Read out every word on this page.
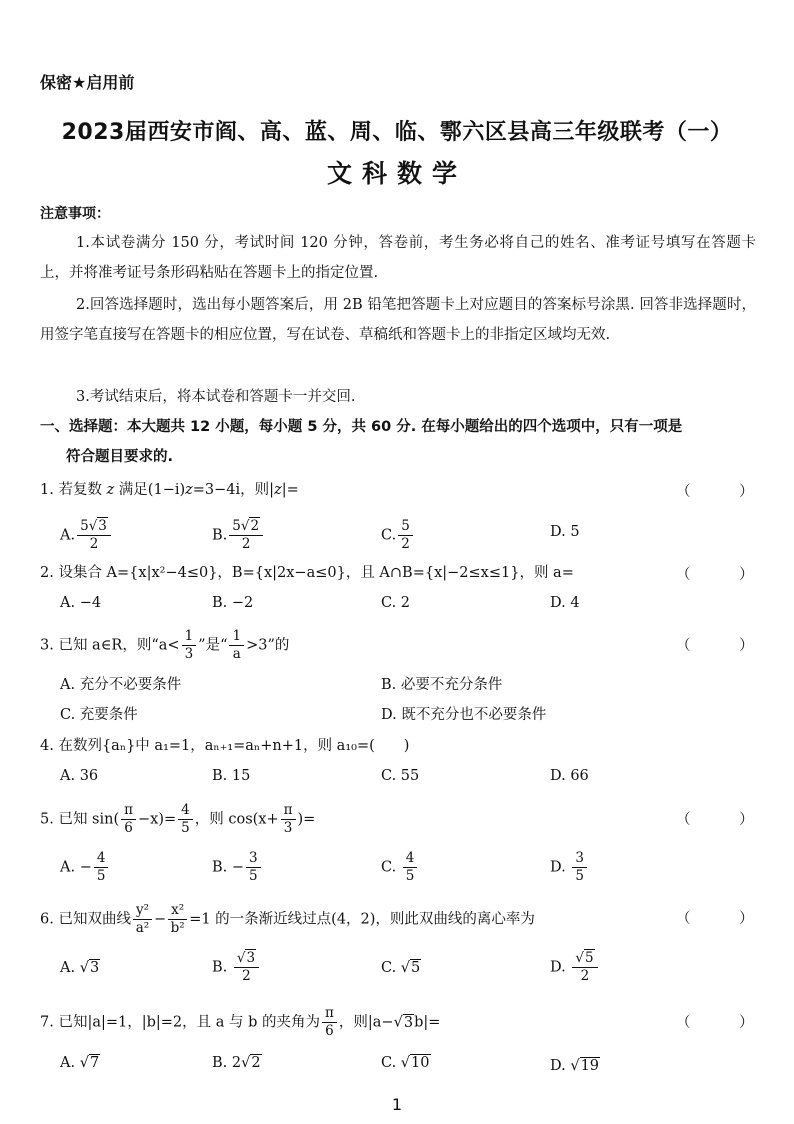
保密★启用前
2023届西安市阎、高、蓝、周、临、鄠六区县高三年级联考（一）
文科数学
注意事项：
1.本试卷满分 150 分，考试时间 120 分钟，答卷前，考生务必将自己的姓名、准考证号填写在答题卡上，并将准考证号条形码粘贴在答题卡上的指定位置.
2.回答选择题时，选出每小题答案后，用 2B 铅笔把答题卡上对应题目的答案标号涂黑. 回答非选择题时，用签字笔直接写在答题卡的相应位置，写在试卷、草稿纸和答题卡上的非指定区域均无效.
3.考试结束后，将本试卷和答题卡一并交回.
一、选择题：本大题共 12 小题，每小题 5 分，共 60 分. 在每小题给出的四个选项中，只有一项是
符合题目要求的.
1. 若复数 z 满足(1−i)z=3−4i，则|z|=	（ ）
A. $\frac{5√3}{2}$	B. $\frac{5√2}{2}$	C. $\frac{5}{2}$	D. 5
2. 设集合 A={x|x²−4≤0}，B={x|2x−a≤0}，且 A∩B={x|−2≤x≤1}，则 a=	（ ）
A. −4	B. −2	C. 2	D. 4
3. 已知 a∈R，则“$a< \frac{1}{3}$ ”是“ $\frac{1}{a} >3$”的	（ ）
A. 充分不必要条件	B. 必要不充分条件
C. 充要条件	D. 既不充分也不必要条件
4. 在数列{aₙ}中 a₁=1，aₙ₊₁=aₙ+n+1，则 a₁₀=(　　)
A. 36	B. 15	C. 55	D. 66
5. 已知 $\sin( \frac{\pi}{6} -x)= \frac{4}{5}$ ，则 $\cos(x+ \frac{\pi}{3}$ )=	（ ）
A. − $\frac{4}{5}$	B. − $\frac{3}{5}$	C. $\frac{4}{5}$	D. $\frac{3}{5}$
6. 已知双曲线 $\frac{\text{y²}}{\text{a²}} - \frac{\text{x²}}{\text{b²}} =1$ 的一条渐近线过点(4，2)，则此双曲线的离心率为	（ ）
A. √3	B. $\frac{√3}{2}$	C. √5	D. $\frac{√5}{2}$
7. 已知|a|=1，|b|=2，且 a 与 b 的夹角为 $\frac{\pi}{6}$ ，则|a−√3b|=	（ ）
A. √7	B. 2√2	C. √10	D. √19
1
